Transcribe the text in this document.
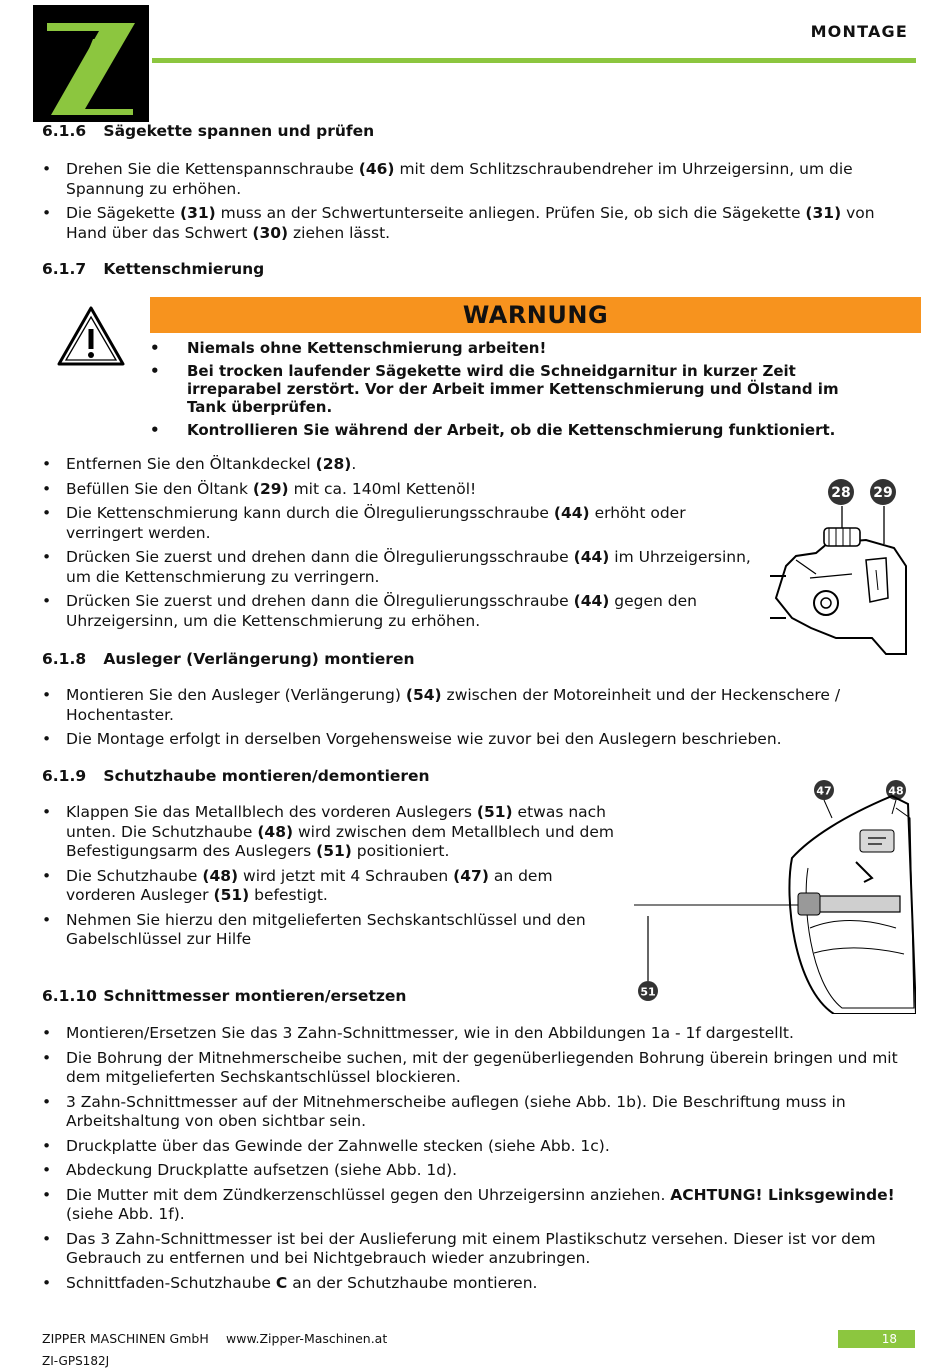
MONTAGE
6.1.6 Sägekette spannen und prüfen
• Drehen Sie die Kettenspannschraube (46) mit dem Schlitzschraubendreher im Uhrzeigersinn, um die Spannung zu erhöhen.
• Die Sägekette (31) muss an der Schwertunterseite anliegen. Prüfen Sie, ob sich die Sägekette (31) von Hand über das Schwert (30) ziehen lässt.
6.1.7 Kettenschmierung
WARNUNG
• Niemals ohne Kettenschmierung arbeiten!
• Bei trocken laufender Sägekette wird die Schneidgarnitur in kurzer Zeit irreparabel zerstört. Vor der Arbeit immer Kettenschmierung und Ölstand im Tank überprüfen.
• Kontrollieren Sie während der Arbeit, ob die Kettenschmierung funktioniert.
• Entfernen Sie den Öltankdeckel (28).
• Befüllen Sie den Öltank (29) mit ca. 140ml Kettenöl!
• Die Kettenschmierung kann durch die Ölregulierungsschraube (44) erhöht oder verringert werden.
• Drücken Sie zuerst und drehen dann die Ölregulierungsschraube (44) im Uhrzeigersinn, um die Kettenschmierung zu verringern.
• Drücken Sie zuerst und drehen dann die Ölregulierungsschraube (44) gegen den Uhrzeigersinn, um die Kettenschmierung zu erhöhen.
28 29
6.1.8 Ausleger (Verlängerung) montieren
• Montieren Sie den Ausleger (Verlängerung) (54) zwischen der Motoreinheit und der Heckenschere / Hochentaster.
• Die Montage erfolgt in derselben Vorgehensweise wie zuvor bei den Auslegern beschrieben.
6.1.9 Schutzhaube montieren/demontieren
• Klappen Sie das Metallblech des vorderen Auslegers (51) etwas nach unten. Die Schutzhaube (48) wird zwischen dem Metallblech und dem Befestigungsarm des Auslegers (51) positioniert.
• Die Schutzhaube (48) wird jetzt mit 4 Schrauben (47) an dem vorderen Ausleger (51) befestigt.
• Nehmen Sie hierzu den mitgelieferten Sechskantschlüssel und den Gabelschlüssel zur Hilfe
47	48
51
6.1.10 Schnittmesser montieren/ersetzen
• Montieren/Ersetzen Sie das 3 Zahn-Schnittmesser, wie in den Abbildungen 1a - 1f dargestellt.
• Die Bohrung der Mitnehmerscheibe suchen, mit der gegenüberliegenden Bohrung überein bringen und mit dem mitgelieferten Sechskantschlüssel blockieren.
• 3 Zahn-Schnittmesser auf der Mitnehmerscheibe auflegen (siehe Abb. 1b). Die Beschriftung muss in Arbeitshaltung von oben sichtbar sein.
• Druckplatte über das Gewinde der Zahnwelle stecken (siehe Abb. 1c).
• Abdeckung Druckplatte aufsetzen (siehe Abb. 1d).
• Die Mutter mit dem Zündkerzenschlüssel gegen den Uhrzeigersinn anziehen. ACHTUNG! Linksgewinde! (siehe Abb. 1f).
• Das 3 Zahn-Schnittmesser ist bei der Auslieferung mit einem Plastikschutz versehen. Dieser ist vor dem Gebrauch zu entfernen und bei Nichtgebrauch wieder anzubringen.
• Schnittfaden-Schutzhaube C an der Schutzhaube montieren.
ZIPPER MASCHINEN GmbH www.Zipper-Maschinen.at
ZI-GPS182J
18
